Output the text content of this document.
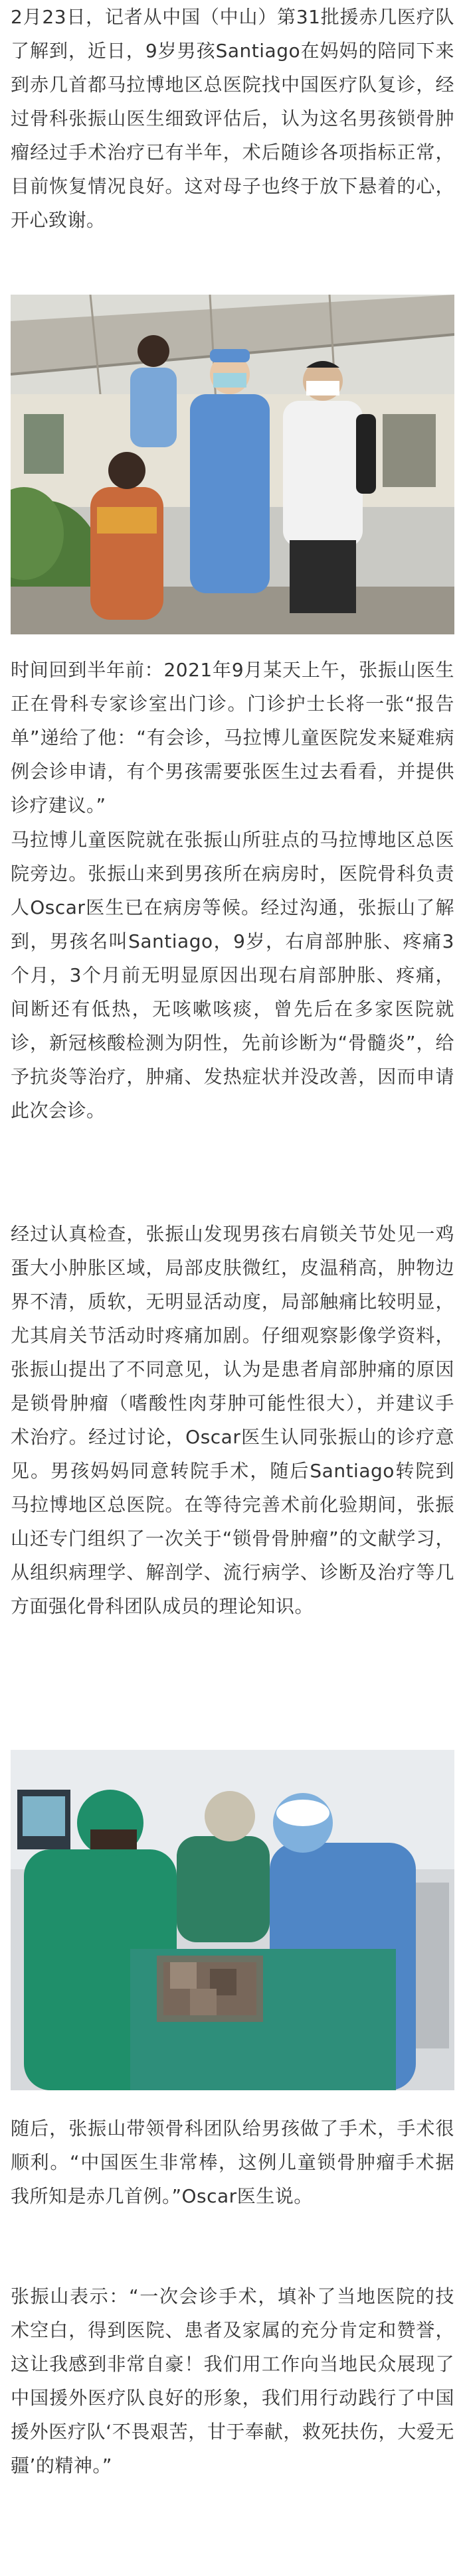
2月23日，记者从中国（中山）第31批援赤几医疗队了解到，近日，9岁男孩Santiago在妈妈的陪同下来到赤几首都马拉博地区总医院找中国医疗队复诊，经过骨科张振山医生细致评估后，认为这名男孩锁骨肿瘤经过手术治疗已有半年，术后随诊各项指标正常，目前恢复情况良好。这对母子也终于放下悬着的心，开心致谢。

时间回到半年前：2021年9月某天上午，张振山医生正在骨科专家诊室出门诊。门诊护士长将一张“报告单”递给了他：“有会诊，马拉博儿童医院发来疑难病例会诊申请，有个男孩需要张医生过去看看，并提供诊疗建议。”

马拉博儿童医院就在张振山所驻点的马拉博地区总医院旁边。张振山来到男孩所在病房时，医院骨科负责人Oscar医生已在病房等候。经过沟通，张振山了解到，男孩名叫Santiago，9岁，右肩部肿胀、疼痛3个月，3个月前无明显原因出现右肩部肿胀、疼痛，间断还有低热，无咳嗽咳痰，曾先后在多家医院就诊，新冠核酸检测为阴性，先前诊断为“骨髓炎”，给予抗炎等治疗，肿痛、发热症状并没改善，因而申请此次会诊。

经过认真检查，张振山发现男孩右肩锁关节处见一鸡蛋大小肿胀区域，局部皮肤微红，皮温稍高，肿物边界不清，质软，无明显活动度，局部触痛比较明显，尤其肩关节活动时疼痛加剧。仔细观察影像学资料，张振山提出了不同意见，认为是患者肩部肿痛的原因是锁骨肿瘤（嗜酸性肉芽肿可能性很大），并建议手术治疗。经过讨论，Oscar医生认同张振山的诊疗意见。男孩妈妈同意转院手术，随后Santiago转院到马拉博地区总医院。在等待完善术前化验期间，张振山还专门组织了一次关于“锁骨骨肿瘤”的文献学习，从组织病理学、解剖学、流行病学、诊断及治疗等几方面强化骨科团队成员的理论知识。

随后，张振山带领骨科团队给男孩做了手术，手术很顺利。“中国医生非常棒，这例儿童锁骨肿瘤手术据我所知是赤几首例。”Oscar医生说。

张振山表示：“一次会诊手术，填补了当地医院的技术空白，得到医院、患者及家属的充分肯定和赞誉，这让我感到非常自豪！我们用工作向当地民众展现了中国援外医疗队良好的形象，我们用行动践行了中国援外医疗队‘不畏艰苦，甘于奉献，救死扶伤，大爱无疆’的精神。”
